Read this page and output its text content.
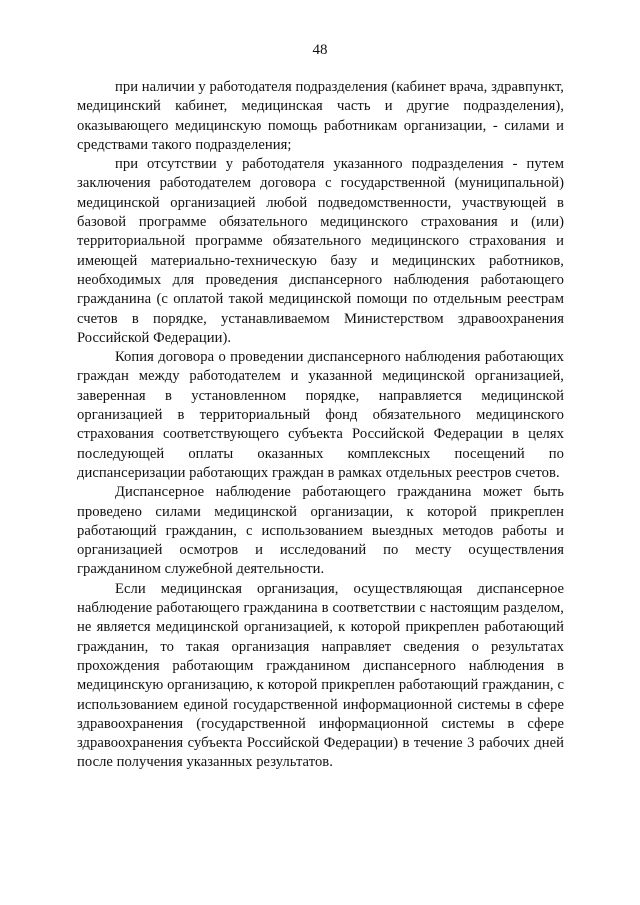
48

при наличии у работодателя подразделения (кабинет врача, здравпункт, медицинский кабинет, медицинская часть и другие подразделения), оказывающего медицинскую помощь работникам организации, - силами и средствами такого подразделения;

при отсутствии у работодателя указанного подразделения - путем заключения работодателем договора с государственной (муниципальной) медицинской организацией любой подведомственности, участвующей в базовой программе обязательного медицинского страхования и (или) территориальной программе обязательного медицинского страхования и имеющей материально-техническую базу и медицинских работников, необходимых для проведения диспансерного наблюдения работающего гражданина (с оплатой такой медицинской помощи по отдельным реестрам счетов в порядке, устанавливаемом Министерством здравоохранения Российской Федерации).

Копия договора о проведении диспансерного наблюдения работающих граждан между работодателем и указанной медицинской организацией, заверенная в установленном порядке, направляется медицинской организацией в территориальный фонд обязательного медицинского страхования соответствующего субъекта Российской Федерации в целях последующей оплаты оказанных комплексных посещений по диспансеризации работающих граждан в рамках отдельных реестров счетов.

Диспансерное наблюдение работающего гражданина может быть проведено силами медицинской организации, к которой прикреплен работающий гражданин, с использованием выездных методов работы и организацией осмотров и исследований по месту осуществления гражданином служебной деятельности.

Если медицинская организация, осуществляющая диспансерное наблюдение работающего гражданина в соответствии с настоящим разделом, не является медицинской организацией, к которой прикреплен работающий гражданин, то такая организация направляет сведения о результатах прохождения работающим гражданином диспансерного наблюдения в медицинскую организацию, к которой прикреплен работающий гражданин, с использованием единой государственной информационной системы в сфере здравоохранения (государственной информационной системы в сфере здравоохранения субъекта Российской Федерации) в течение 3 рабочих дней после получения указанных результатов.
